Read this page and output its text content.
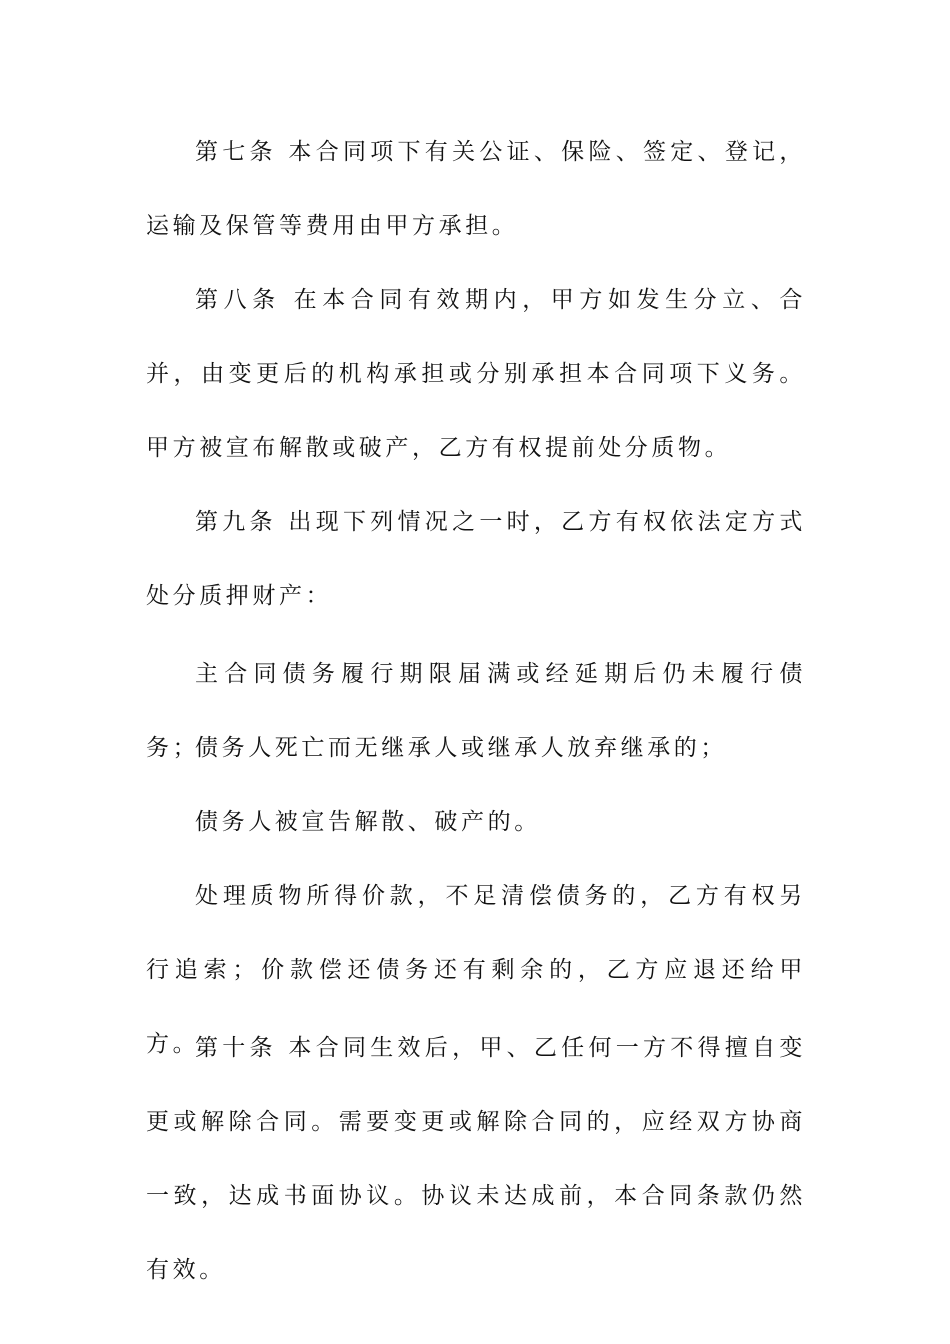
第七条 本合同项下有关公证、保险、签定、登记，运输及保管等费用由甲方承担。

第八条 在本合同有效期内，甲方如发生分立、合并，由变更后的机构承担或分别承担本合同项下义务。甲方被宣布解散或破产，乙方有权提前处分质物。

第九条 出现下列情况之一时，乙方有权依法定方式处分质押财产：

主合同债务履行期限届满或经延期后仍未履行债务；

债务人死亡而无继承人或继承人放弃继承的；

债务人被宣告解散、破产的。

处理质物所得价款，不足清偿债务的，乙方有权另行追索；价款偿还债务还有剩余的，乙方应退还给甲方。

第十条 本合同生效后，甲、乙任何一方不得擅自变更或解除合同。需要变更或解除合同的，应经双方协商一致，达成书面协议。协议未达成前，本合同条款仍然有效。
